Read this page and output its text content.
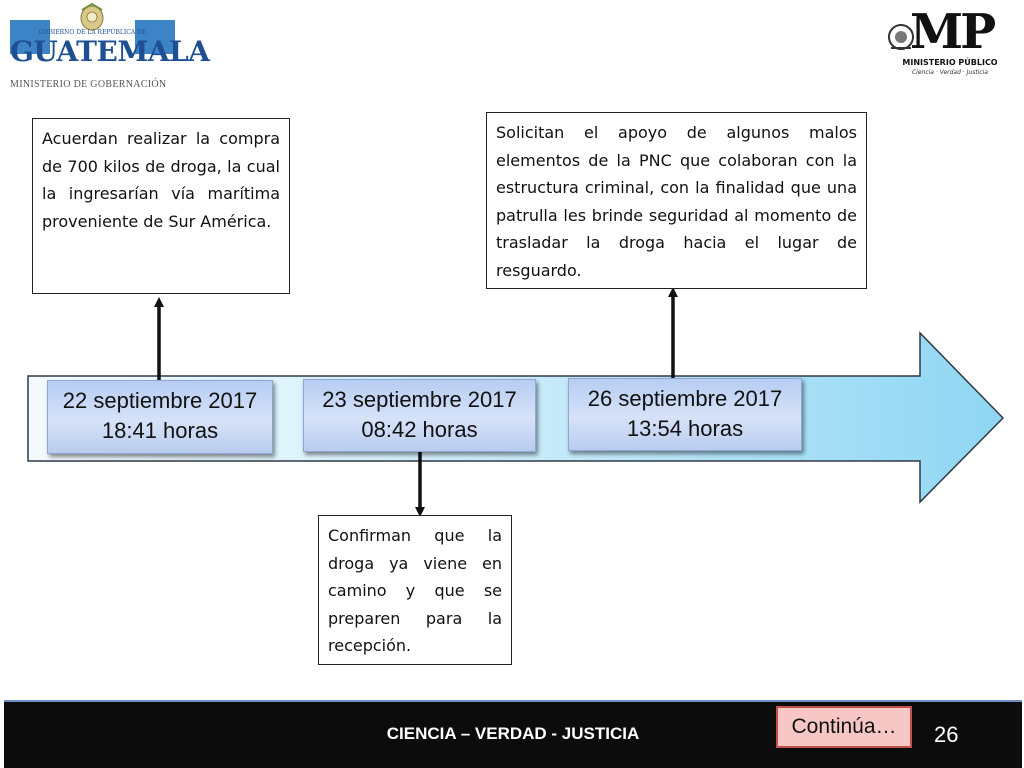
GOBIERNO DE LA REPÚBLICA DE
GUATEMALA
MINISTERIO DE GOBERNACIÓN
MP
MINISTERIO PÚBLICO
Ciencia · Verdad · Justicia
22 septiembre 2017
18:41 horas
23 septiembre 2017
08:42 horas
26 septiembre 2017
13:54 horas
Acuerdan realizar la compra de 700 kilos de droga, la cual la ingresarían vía marítima proveniente de Sur América.
Confirman que la droga ya viene en camino y que se preparen para la recepción.
Solicitan el apoyo de algunos malos elementos de la PNC que colaboran con la estructura criminal, con la finalidad que una patrulla les brinde seguridad al momento de trasladar la droga hacia el lugar de resguardo.
CIENCIA – VERDAD - JUSTICIA	Continúa…	26
